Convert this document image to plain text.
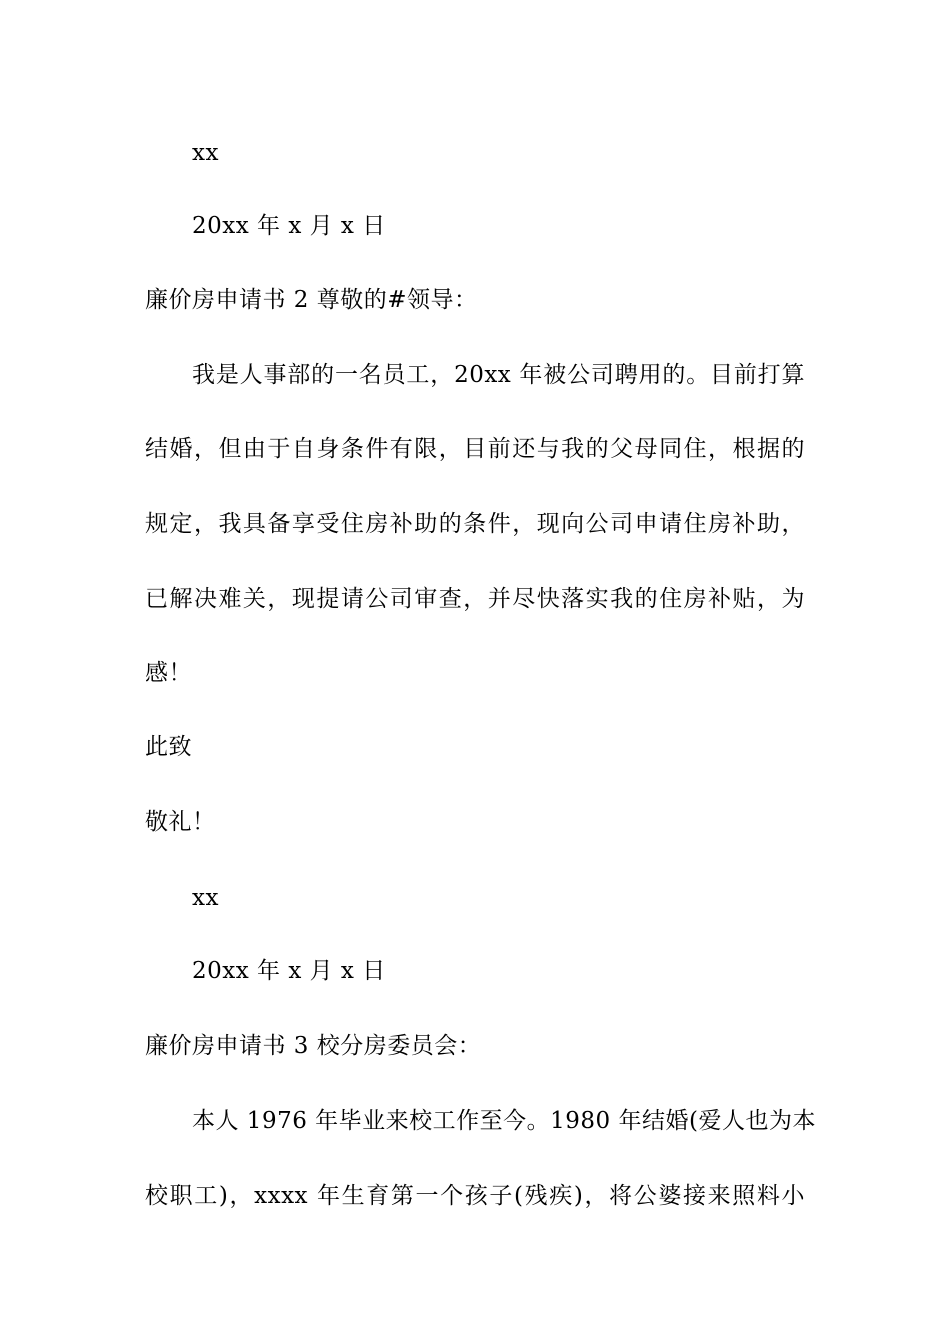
xx
20xx 年 x 月 x 日
廉价房申请书 2 尊敬的#领导：
我是人事部的一名员工，20xx 年被公司聘用的。目前打算
结婚，但由于自身条件有限，目前还与我的父母同住，根据的
规定，我具备享受住房补助的条件，现向公司申请住房补助，
已解决难关，现提请公司审查，并尽快落实我的住房补贴，为
感！
此致
敬礼！
xx
20xx 年 x 月 x 日
廉价房申请书 3 校分房委员会：
本人 1976 年毕业来校工作至今。1980 年结婚(爱人也为本
校职工)，xxxx 年生育第一个孩子(残疾)，将公婆接来照料小
